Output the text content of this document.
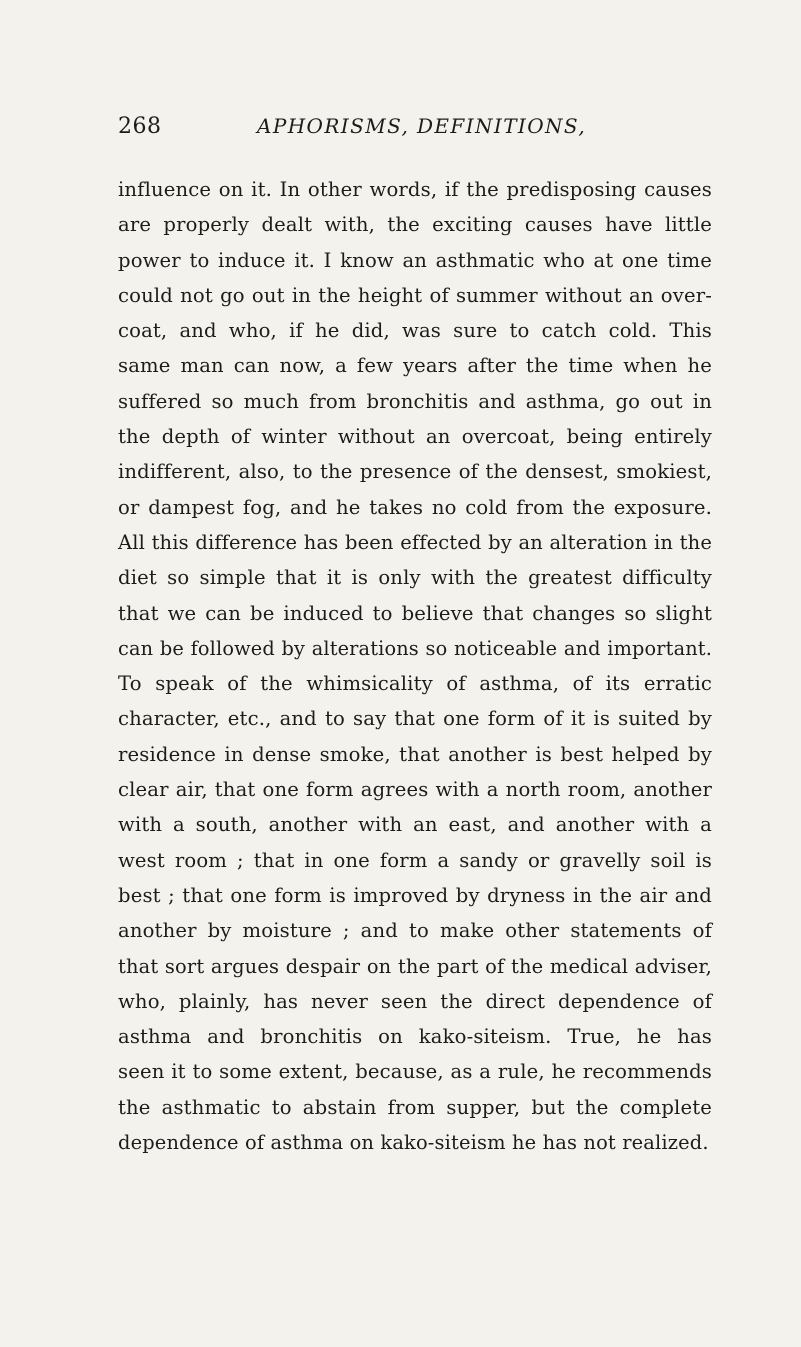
268	APHORISMS, DEFINITIONS,
influence on it. In other words, if the predisposing causes
are properly dealt with, the exciting causes have little
power to induce it. I know an asthmatic who at one time
could not go out in the height of summer without an over-
coat, and who, if he did, was sure to catch cold. This
same man can now, a few years after the time when he
suffered so much from bronchitis and asthma, go out in
the depth of winter without an overcoat, being entirely
indifferent, also, to the presence of the densest, smokiest,
or dampest fog, and he takes no cold from the exposure.
All this difference has been effected by an alteration in the
diet so simple that it is only with the greatest difficulty
that we can be induced to believe that changes so slight
can be followed by alterations so noticeable and important.
To speak of the whimsicality of asthma, of its erratic
character, etc., and to say that one form of it is suited by
residence in dense smoke, that another is best helped by
clear air, that one form agrees with a north room, another
with a south, another with an east, and another with a
west room ; that in one form a sandy or gravelly soil is
best ; that one form is improved by dryness in the air and
another by moisture ; and to make other statements of
that sort argues despair on the part of the medical adviser,
who, plainly, has never seen the direct dependence of
asthma and bronchitis on kako-siteism. True, he has
seen it to some extent, because, as a rule, he recommends
the asthmatic to abstain from supper, but the complete
dependence of asthma on kako-siteism he has not realized.
